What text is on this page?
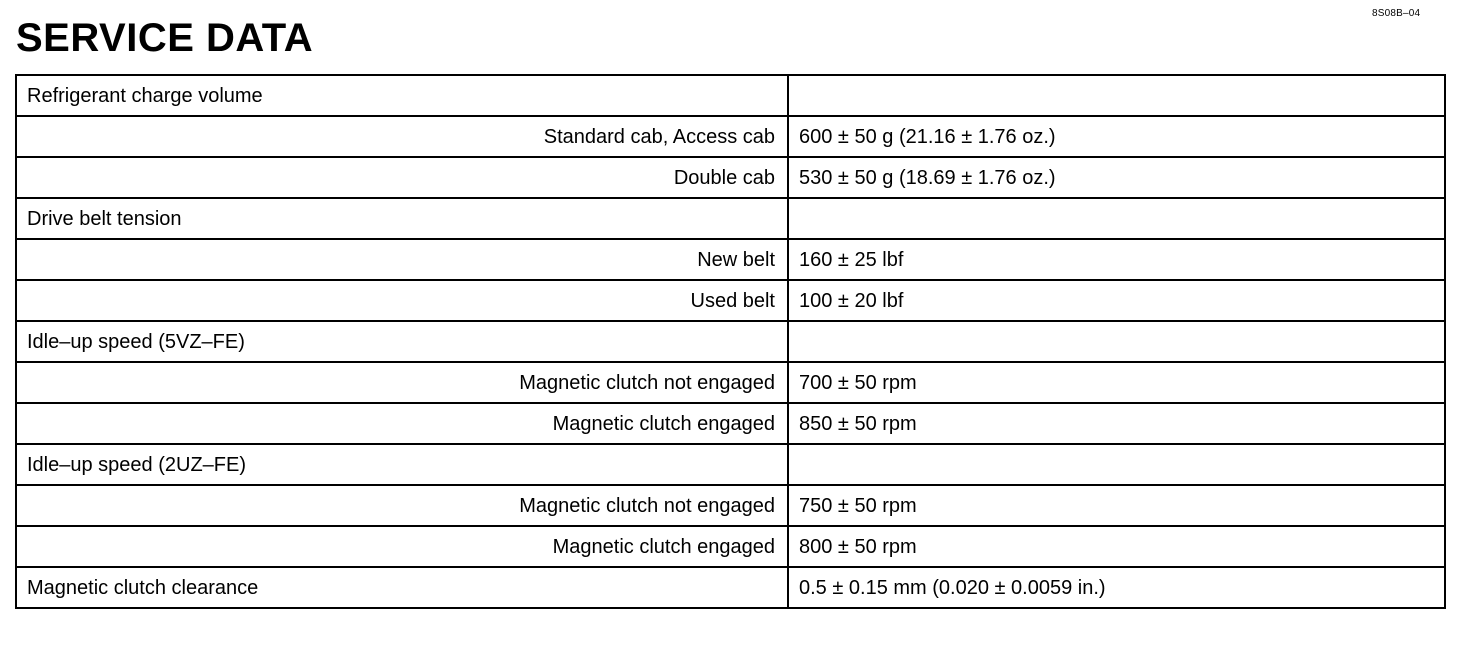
8S08B–04
SERVICE DATA
Refrigerant charge volume	
Standard cab, Access cab	600 ± 50 g (21.16 ± 1.76 oz.)
Double cab	530 ± 50 g (18.69 ± 1.76 oz.)
Drive belt tension	
New belt	160 ± 25 lbf
Used belt	100 ± 20 lbf
Idle–up speed (5VZ–FE)	
Magnetic clutch not engaged	700 ± 50 rpm
Magnetic clutch engaged	850 ± 50 rpm
Idle–up speed (2UZ–FE)	
Magnetic clutch not engaged	750 ± 50 rpm
Magnetic clutch engaged	800 ± 50 rpm
Magnetic clutch clearance	0.5 ± 0.15 mm (0.020 ± 0.0059 in.)
